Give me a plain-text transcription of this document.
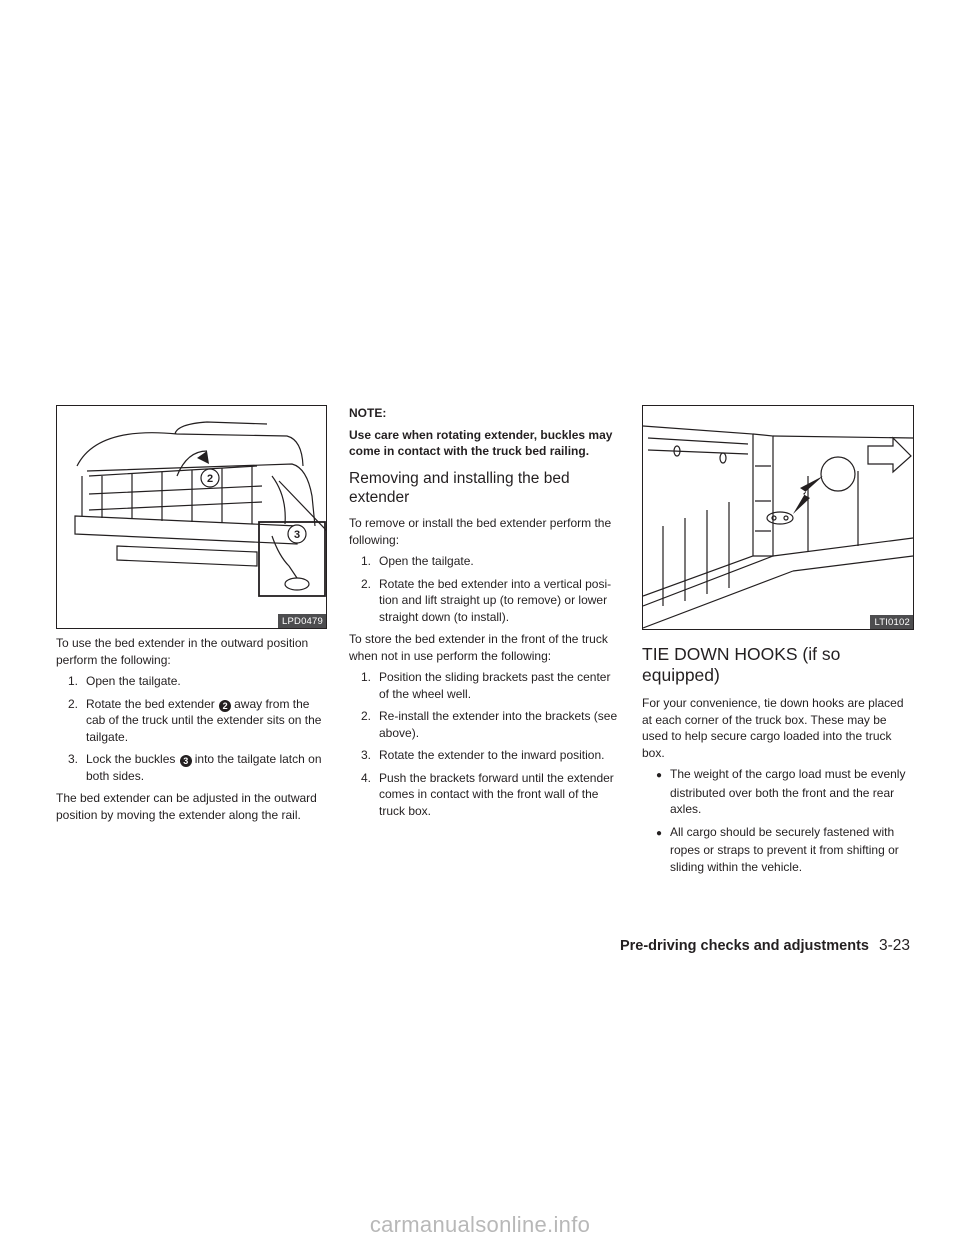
2
3
LPD0479

To use the bed extender in the outward position perform the following:

1. Open the tailgate.
2. Rotate the bed extender 2 away from the cab of the truck until the extender sits on the tailgate.
3. Lock the buckles 3 into the tailgate latch on both sides.

The bed extender can be adjusted in the outward position by moving the extender along the rail.

NOTE:
Use care when rotating extender, buckles may come in contact with the truck bed railing.
Removing and installing the bed extender

To remove or install the bed extender perform the following:

1. Open the tailgate.
2. Rotate the bed extender into a vertical posi-tion and lift straight up (to remove) or lower straight down (to install).

To store the bed extender in the front of the truck when not in use perform the following:

1. Position the sliding brackets past the center of the wheel well.
2. Re-install the extender into the brackets (see above).
3. Rotate the extender to the inward position.
4. Push the brackets forward until the extender comes in contact with the front wall of the truck box.
LTI0102
TIE DOWN HOOKS (if so equipped)

For your convenience, tie down hooks are placed at each corner of the truck box. These may be used to help secure cargo loaded into the truck box.

● The weight of the cargo load must be evenly distributed over both the front and the rear axles.
● All cargo should be securely fastened with ropes or straps to prevent it from shifting or sliding within the vehicle.
Pre-driving checks and adjustments 3-23
carmanualsonline.info
